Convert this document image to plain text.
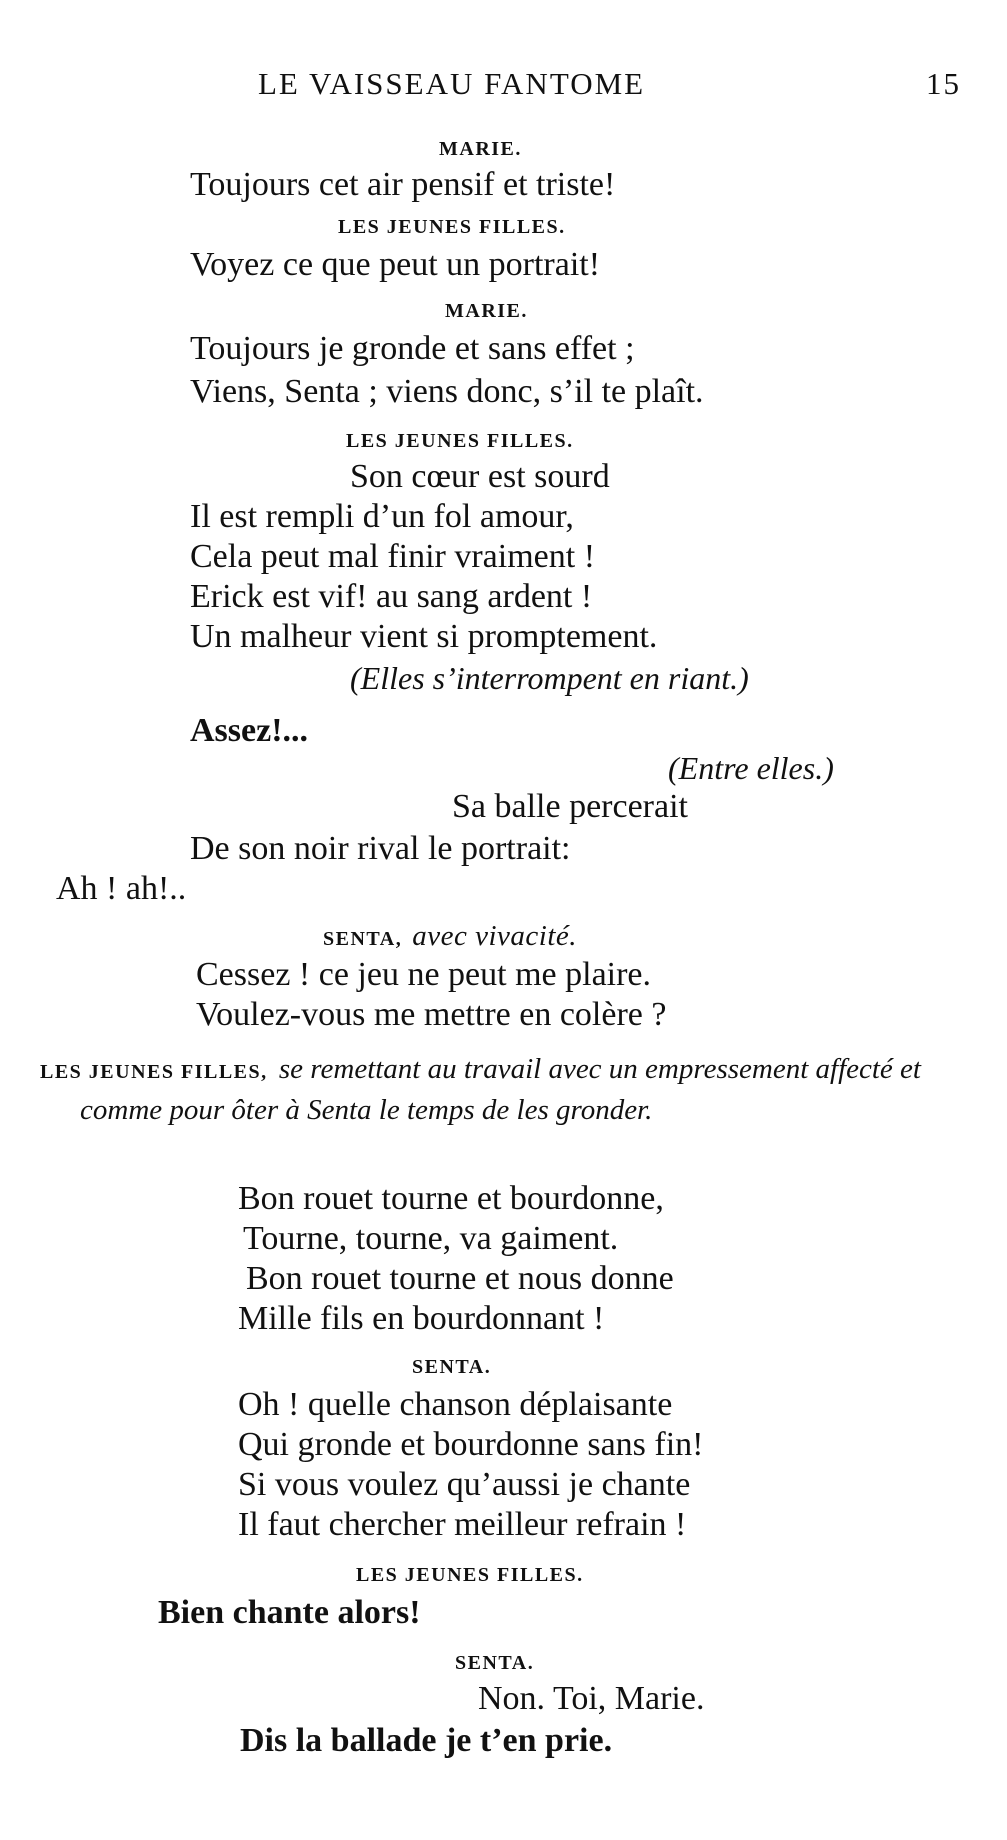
LE VAISSEAU FANTOME	15
MARIE.
Toujours cet air pensif et triste!
LES JEUNES FILLES.
Voyez ce que peut un portrait!
MARIE.
Toujours je gronde et sans effet ;
Viens, Senta ; viens donc, s’il te plaît.
LES JEUNES FILLES.
Son cœur est sourd
Il est rempli d’un fol amour,
Cela peut mal finir vraiment !
Erick est vif! au sang ardent !
Un malheur vient si promptement.
(Elles s’interrompent en riant.)
Assez!...
(Entre elles.)
Sa balle percerait
De son noir rival le portrait:
Ah ! ah!..
SENTA, avec vivacité.
Cessez ! ce jeu ne peut me plaire.
Voulez-vous me mettre en colère ?
LES JEUNES FILLES, se remettant au travail avec un empressement affecté et comme pour ôter à Senta le temps de les gronder.
Bon rouet tourne et bourdonne,
Tourne, tourne, va gaiment.
Bon rouet tourne et nous donne
Mille fils en bourdonnant !
SENTA.
Oh ! quelle chanson déplaisante
Qui gronde et bourdonne sans fin!
Si vous voulez qu’aussi je chante
Il faut chercher meilleur refrain !
LES JEUNES FILLES.
Bien chante alors!
SENTA.
Non. Toi, Marie.
Dis la ballade je t’en prie.
